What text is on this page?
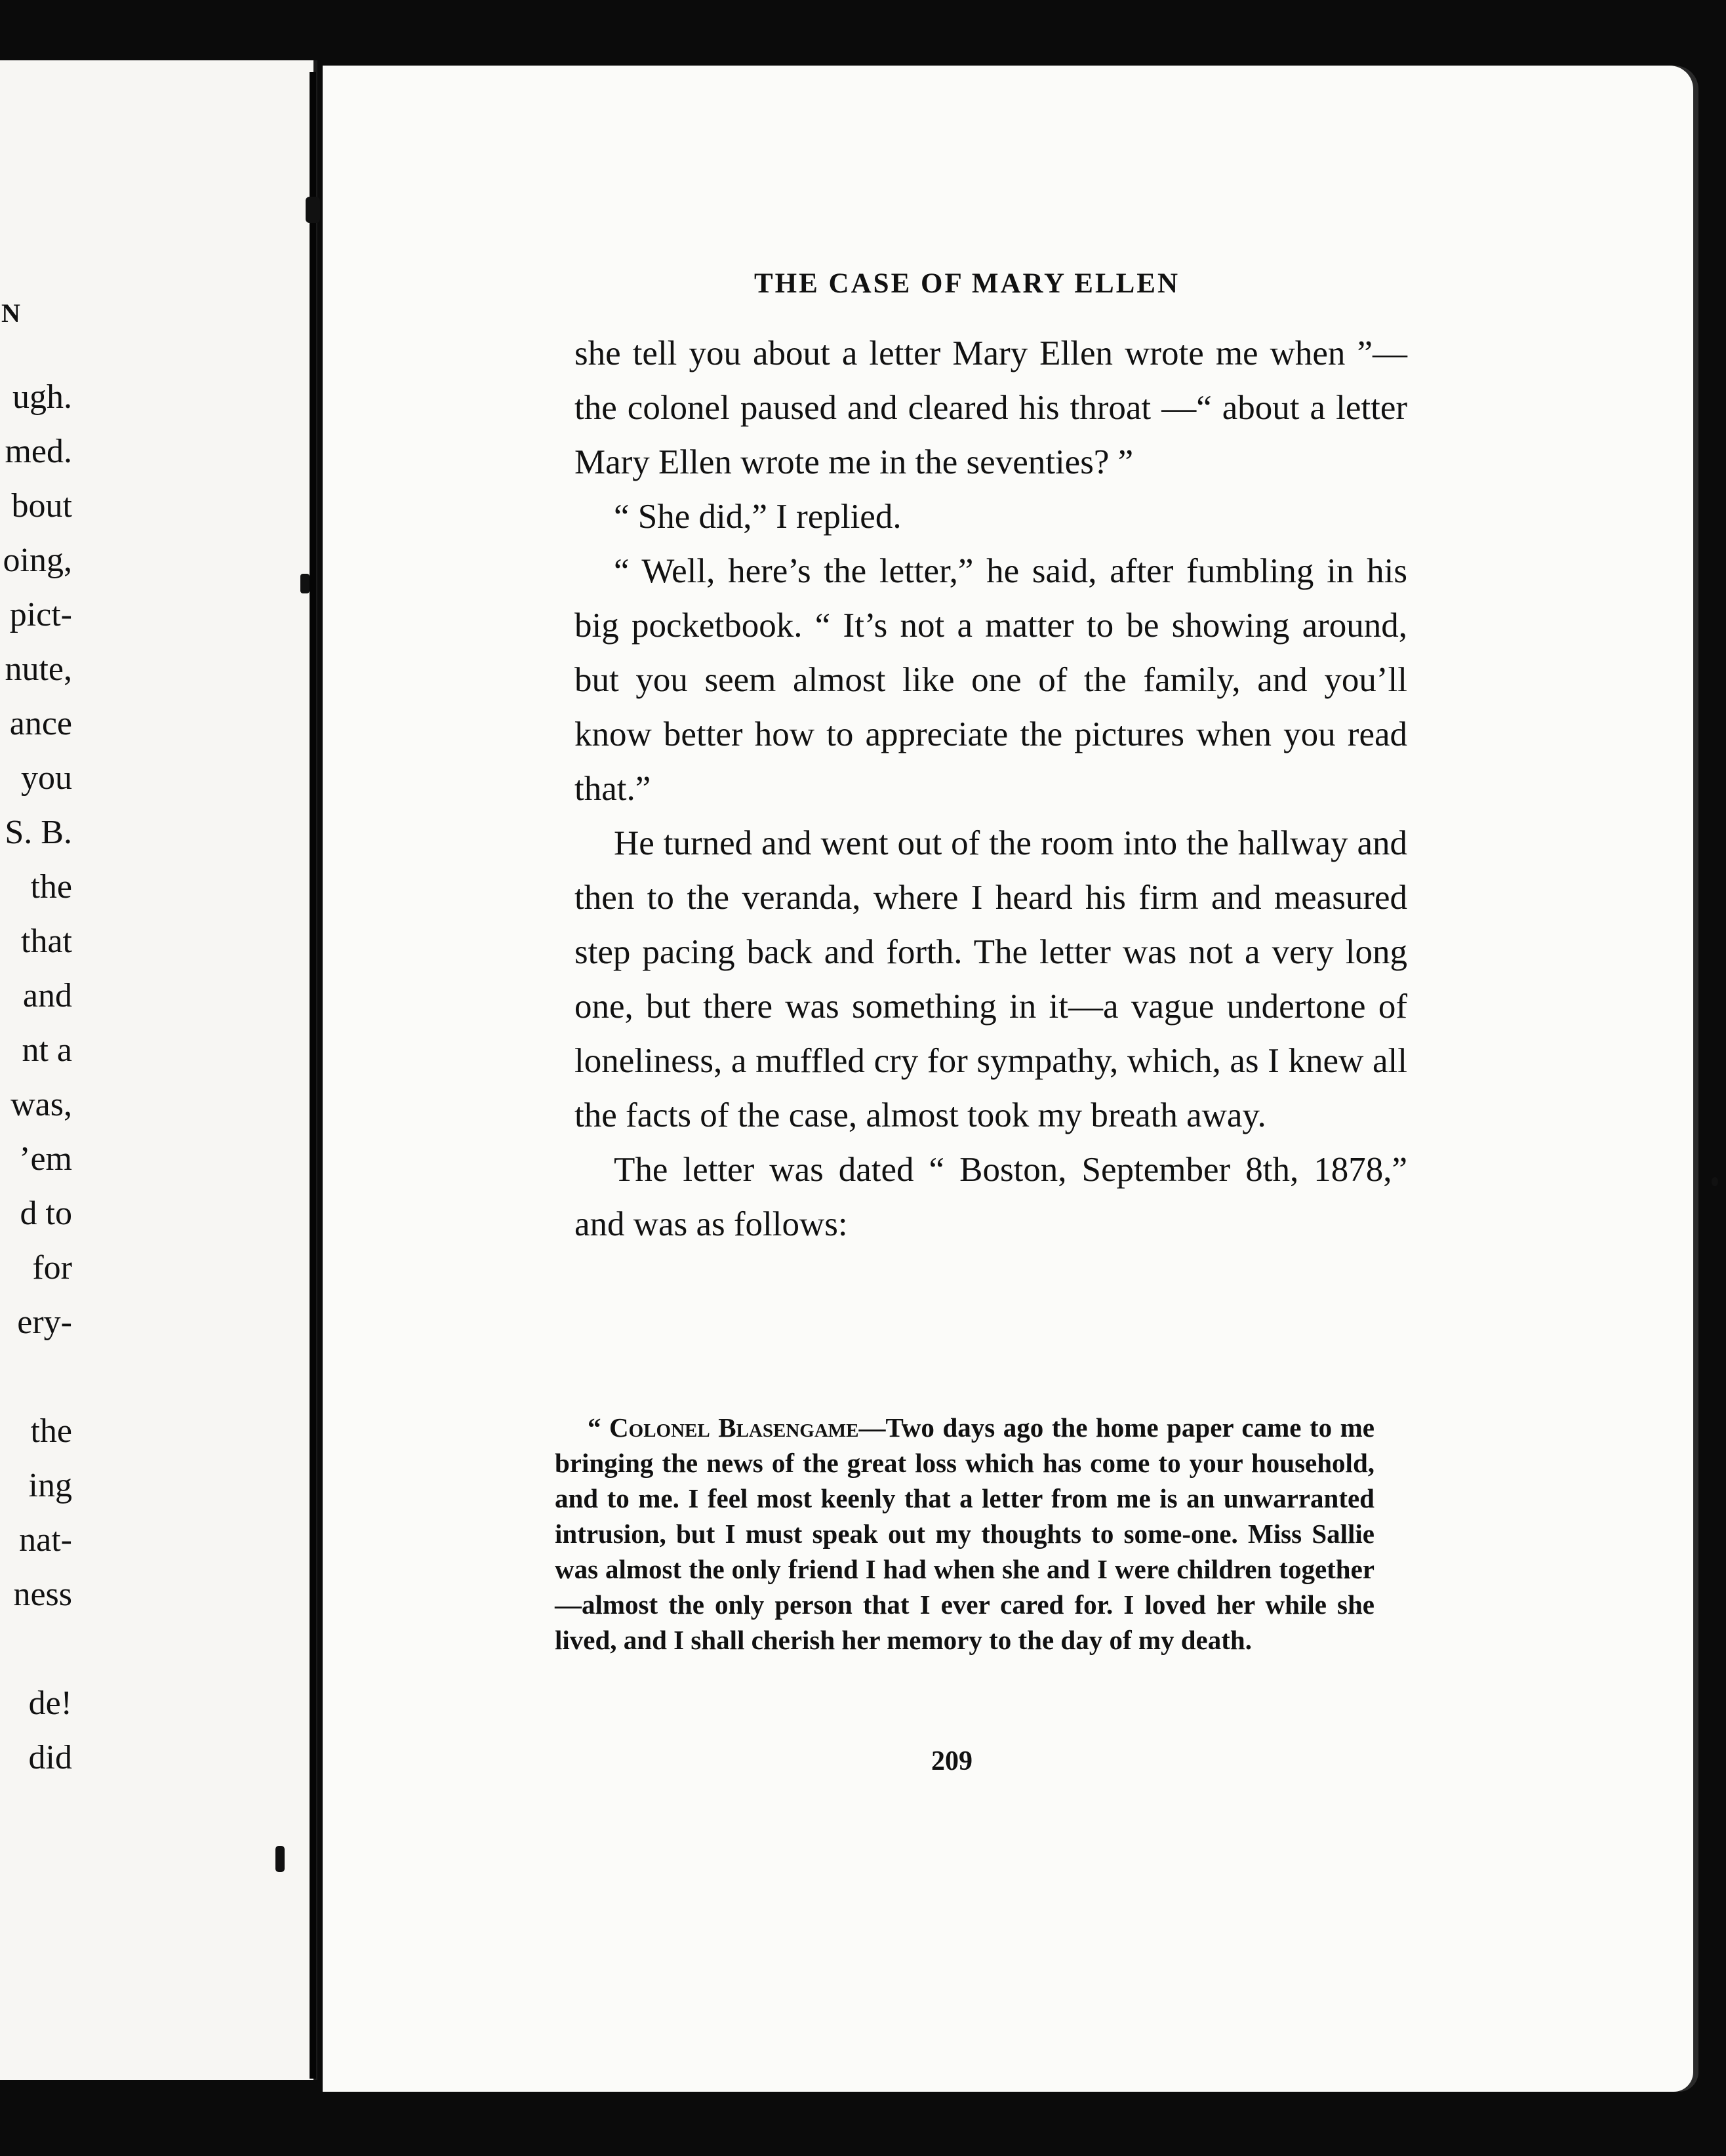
N
ugh.
med.
bout
oing,
pict-
nute,
ance
you
S. B.
the
that
and
nt a
was,
’em
d to
for
ery-
the
ing
nat-
ness
de!
did
THE CASE OF MARY ELLEN

she tell you about a letter Mary Ellen wrote me when ”—the colonel paused and cleared his throat —“ about a letter Mary Ellen wrote me in the seventies? ”

“ She did,” I replied.

“ Well, here’s the letter,” he said, after fumbling in his big pocketbook. “ It’s not a matter to be showing around, but you seem almost like one of the family, and you’ll know better how to appreciate the pictures when you read that.”

He turned and went out of the room into the hallway and then to the veranda, where I heard his firm and measured step pacing back and forth. The letter was not a very long one, but there was something in it—a vague undertone of loneliness, a muffled cry for sympathy, which, as I knew all the facts of the case, almost took my breath away.

The letter was dated “ Boston, September 8th, 1878,” and was as follows:

“ Colonel Blasengame—Two days ago the home paper came to me bringing the news of the great loss which has come to your household, and to me. I feel most keenly that a letter from me is an unwarranted intrusion, but I must speak out my thoughts to some-one. Miss Sallie was almost the only friend I had when she and I were children together—almost the only person that I ever cared for. I loved her while she lived, and I shall cherish her memory to the day of my death.
209
